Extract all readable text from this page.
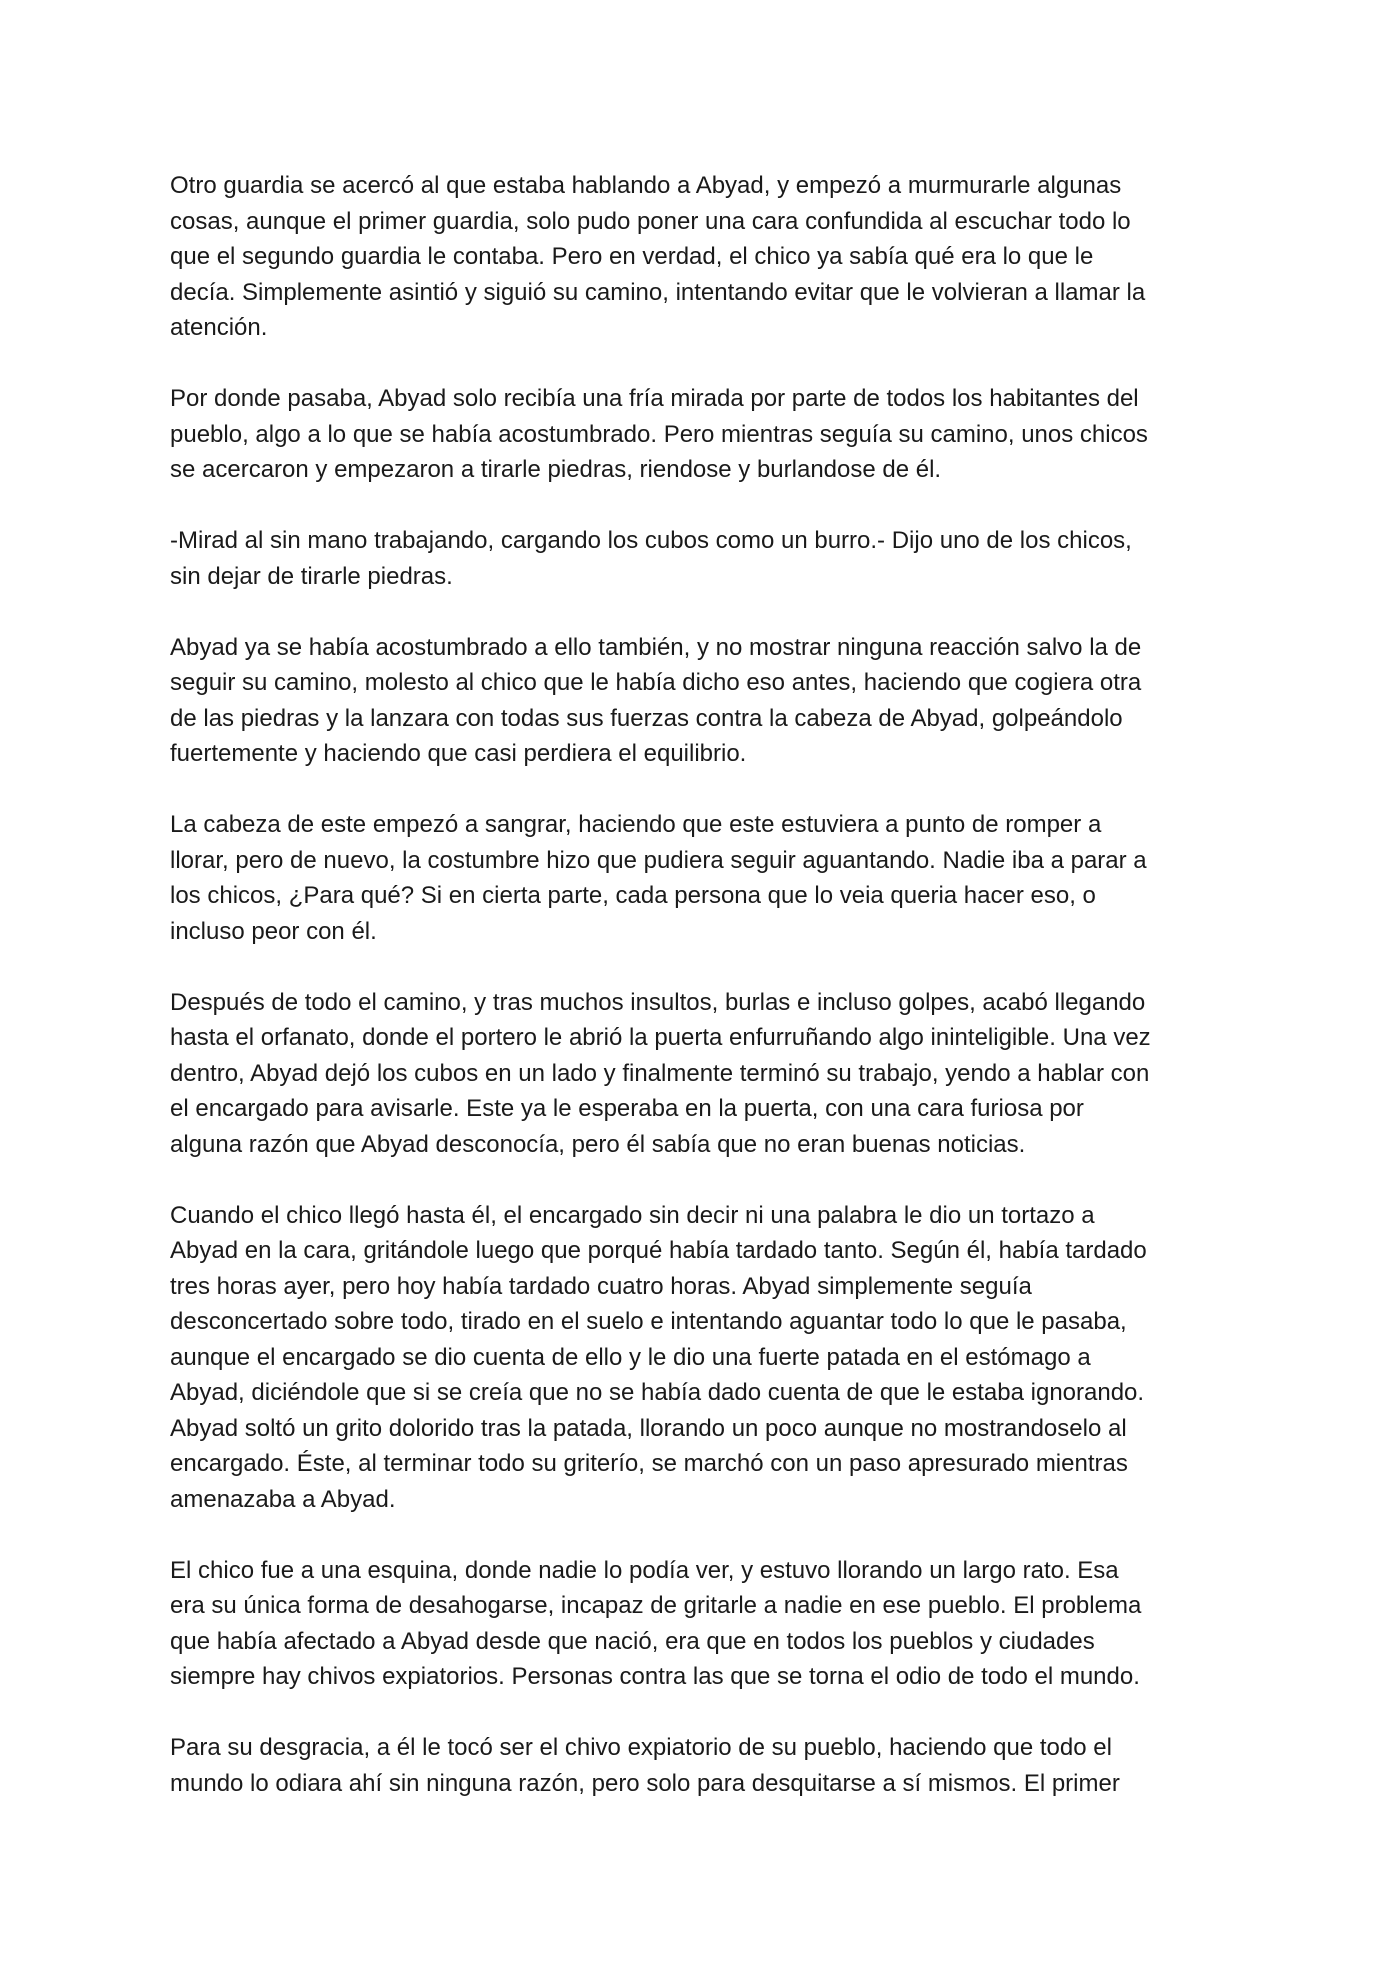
Otro guardia se acercó al que estaba hablando a Abyad, y empezó a murmurarle algunas
cosas, aunque el primer guardia, solo pudo poner una cara confundida al escuchar todo lo
que el segundo guardia le contaba. Pero en verdad, el chico ya sabía qué era lo que le
decía. Simplemente asintió y siguió su camino, intentando evitar que le volvieran a llamar la
atención.

Por donde pasaba, Abyad solo recibía una fría mirada por parte de todos los habitantes del
pueblo, algo a lo que se había acostumbrado. Pero mientras seguía su camino, unos chicos
se acercaron y empezaron a tirarle piedras, riendose y burlandose de él.

-Mirad al sin mano trabajando, cargando los cubos como un burro.- Dijo uno de los chicos,
sin dejar de tirarle piedras.

Abyad ya se había acostumbrado a ello también, y no mostrar ninguna reacción salvo la de
seguir su camino, molesto al chico que le había dicho eso antes, haciendo que cogiera otra
de las piedras y la lanzara con todas sus fuerzas contra la cabeza de Abyad, golpeándolo
fuertemente y haciendo que casi perdiera el equilibrio.

La cabeza de este empezó a sangrar, haciendo que este estuviera a punto de romper a
llorar, pero de nuevo, la costumbre hizo que pudiera seguir aguantando. Nadie iba a parar a
los chicos, ¿Para qué? Si en cierta parte, cada persona que lo veia queria hacer eso, o
incluso peor con él.

Después de todo el camino, y tras muchos insultos, burlas e incluso golpes, acabó llegando
hasta el orfanato, donde el portero le abrió la puerta enfurruñando algo ininteligible. Una vez
dentro, Abyad dejó los cubos en un lado y finalmente terminó su trabajo, yendo a hablar con
el encargado para avisarle. Este ya le esperaba en la puerta, con una cara furiosa por
alguna razón que Abyad desconocía, pero él sabía que no eran buenas noticias.

Cuando el chico llegó hasta él, el encargado sin decir ni una palabra le dio un tortazo a
Abyad en la cara, gritándole luego que porqué había tardado tanto. Según él, había tardado
tres horas ayer, pero hoy había tardado cuatro horas. Abyad simplemente seguía
desconcertado sobre todo, tirado en el suelo e intentando aguantar todo lo que le pasaba,
aunque el encargado se dio cuenta de ello y le dio una fuerte patada en el estómago a
Abyad, diciéndole que si se creía que no se había dado cuenta de que le estaba ignorando.
Abyad soltó un grito dolorido tras la patada, llorando un poco aunque no mostrandoselo al
encargado. Éste, al terminar todo su griterío, se marchó con un paso apresurado mientras
amenazaba a Abyad.

El chico fue a una esquina, donde nadie lo podía ver, y estuvo llorando un largo rato. Esa
era su única forma de desahogarse, incapaz de gritarle a nadie en ese pueblo. El problema
que había afectado a Abyad desde que nació, era que en todos los pueblos y ciudades
siempre hay chivos expiatorios. Personas contra las que se torna el odio de todo el mundo.

Para su desgracia, a él le tocó ser el chivo expiatorio de su pueblo, haciendo que todo el
mundo lo odiara ahí sin ninguna razón, pero solo para desquitarse a sí mismos. El primer
